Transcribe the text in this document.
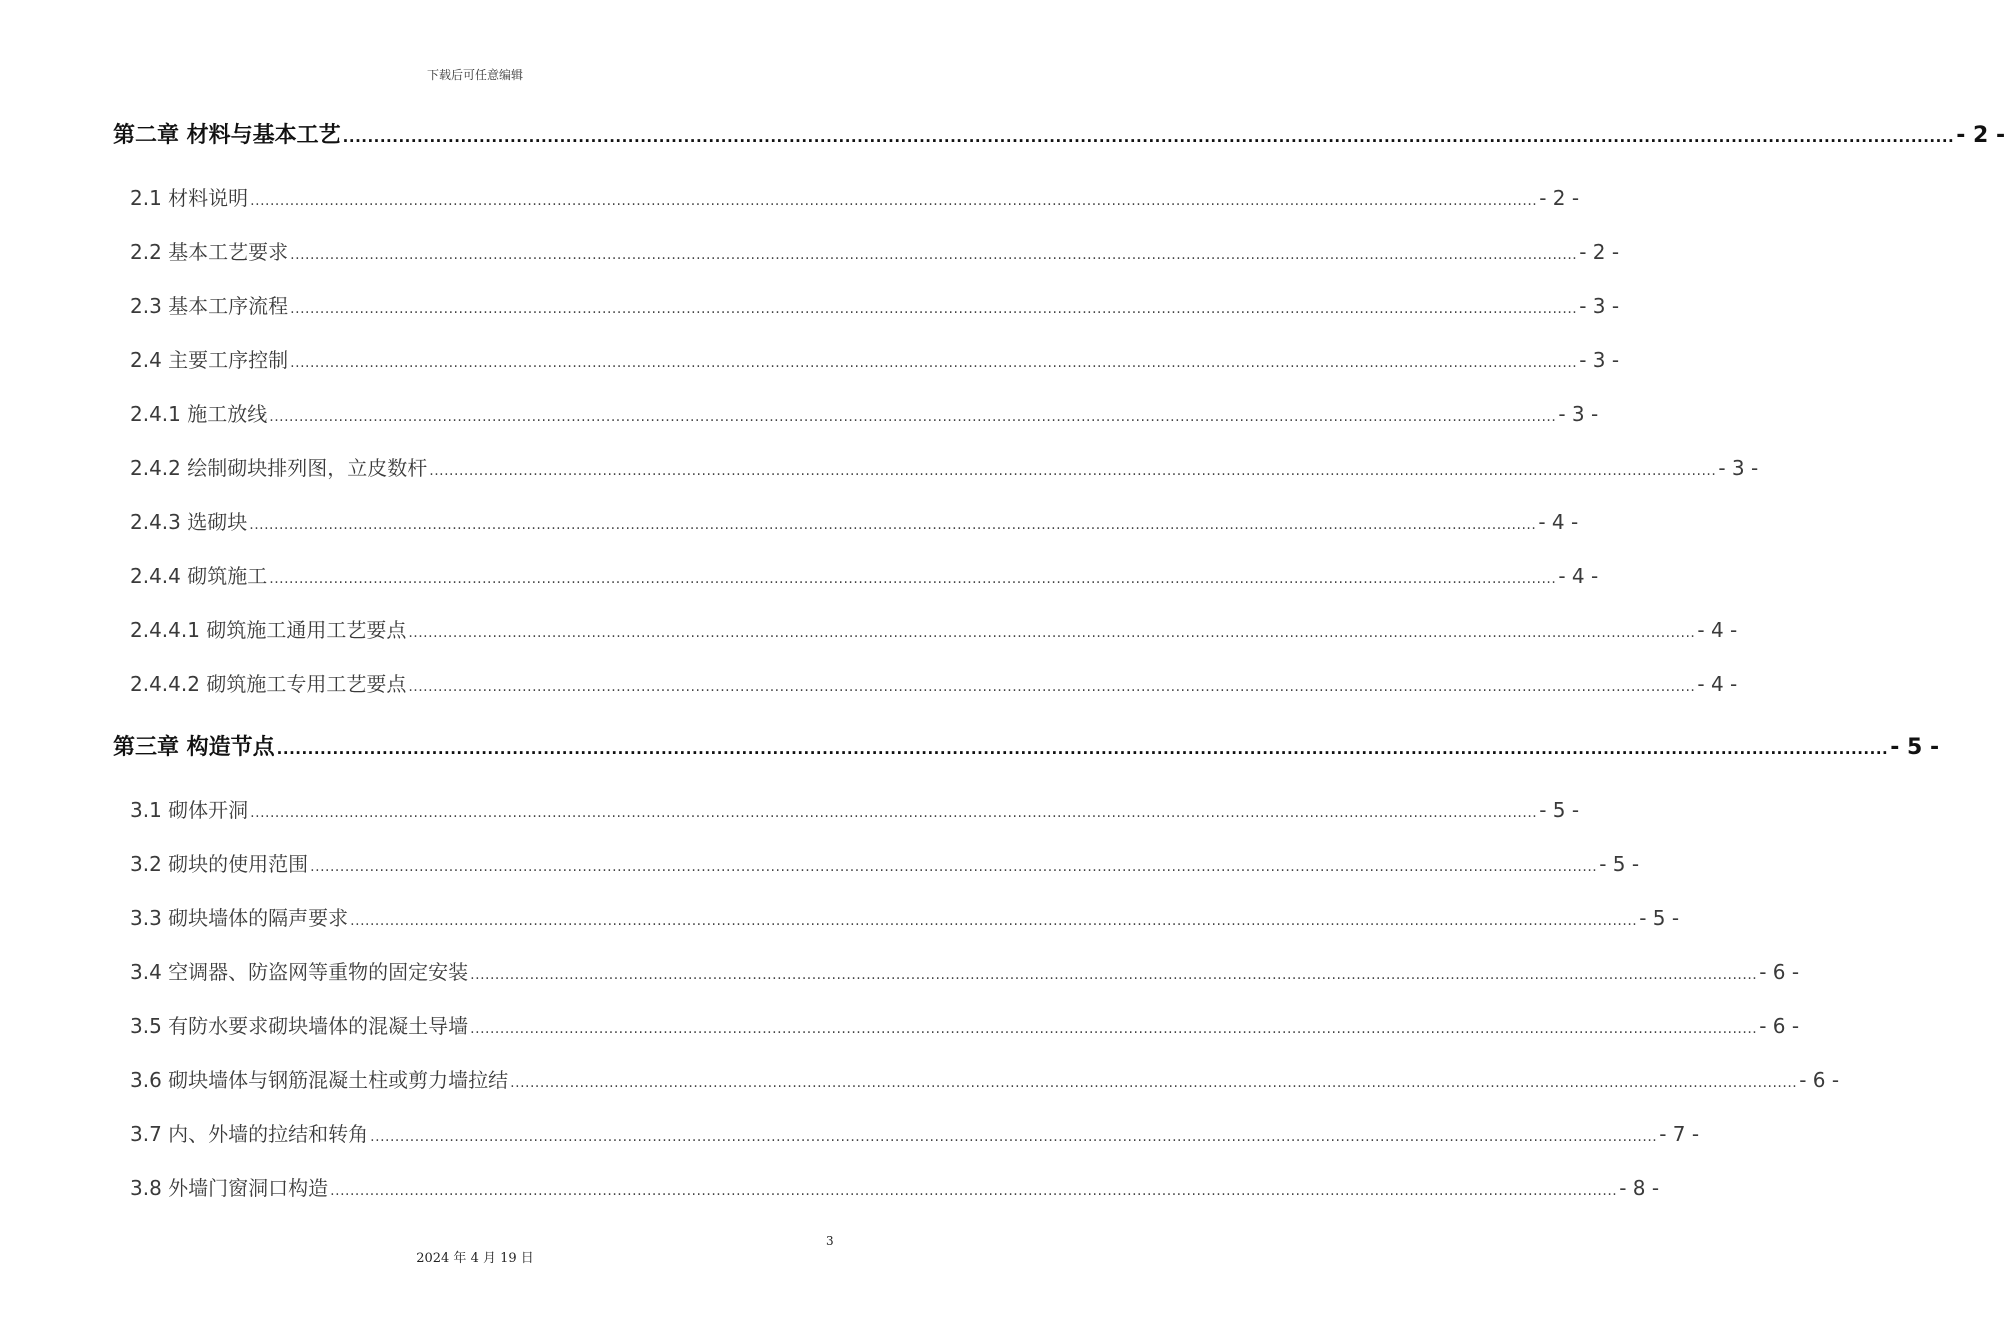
下载后可任意编辑
第二章 材料与基本工艺 .................................................................................................................................................................................................................................................................... - 2 -
2.1 材料说明 .................................................................................................................................................................................................................................................................... - 2 -
2.2 基本工艺要求 .................................................................................................................................................................................................................................................................... - 2 -
2.3 基本工序流程 .................................................................................................................................................................................................................................................................... - 3 -
2.4 主要工序控制 .................................................................................................................................................................................................................................................................... - 3 -
2.4.1 施工放线 .................................................................................................................................................................................................................................................................... - 3 -
2.4.2 绘制砌块排列图，立皮数杆 .................................................................................................................................................................................................................................................................... - 3 -
2.4.3 选砌块 .................................................................................................................................................................................................................................................................... - 4 -
2.4.4 砌筑施工 .................................................................................................................................................................................................................................................................... - 4 -
2.4.4.1 砌筑施工通用工艺要点 .................................................................................................................................................................................................................................................................... - 4 -
2.4.4.2 砌筑施工专用工艺要点 .................................................................................................................................................................................................................................................................... - 4 -
第三章 构造节点 .................................................................................................................................................................................................................................................................... - 5 -
3.1 砌体开洞 .................................................................................................................................................................................................................................................................... - 5 -
3.2 砌块的使用范围 .................................................................................................................................................................................................................................................................... - 5 -
3.3 砌块墙体的隔声要求 .................................................................................................................................................................................................................................................................... - 5 -
3.4 空调器、防盗网等重物的固定安装 .................................................................................................................................................................................................................................................................... - 6 -
3.5 有防水要求砌块墙体的混凝土导墙 .................................................................................................................................................................................................................................................................... - 6 -
3.6 砌块墙体与钢筋混凝土柱或剪力墙拉结 .................................................................................................................................................................................................................................................................... - 6 -
3.7 内、外墙的拉结和转角 .................................................................................................................................................................................................................................................................... - 7 -
3.8 外墙门窗洞口构造 .................................................................................................................................................................................................................................................................... - 8 -
3
2024 年 4 月 19 日
